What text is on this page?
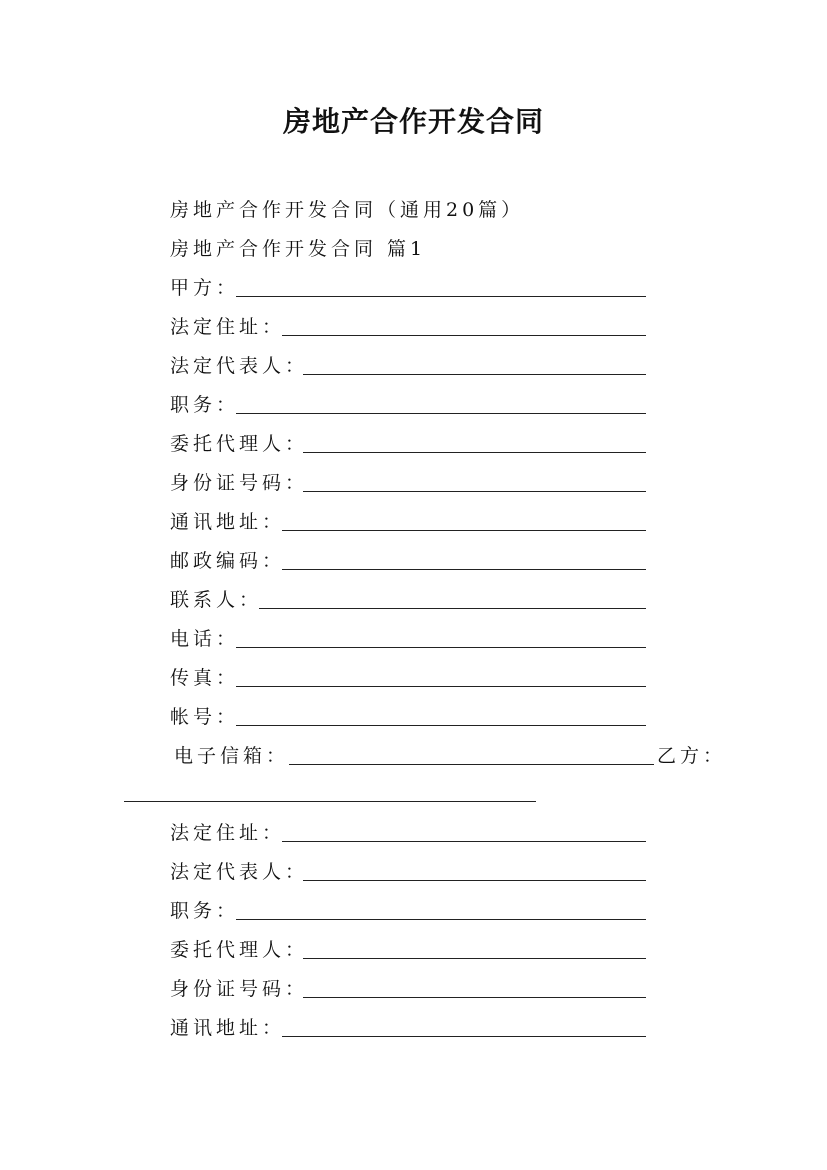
房地产合作开发合同
房地产合作开发合同（通用20篇）
房地产合作开发合同 篇1
甲方：
法定住址：
法定代表人：
职务：
委托代理人：
身份证号码：
通讯地址：
邮政编码：
联系人：
电话：
传真：
帐号：
电子信箱：	乙方：
法定住址：
法定代表人：
职务：
委托代理人：
身份证号码：
通讯地址：
